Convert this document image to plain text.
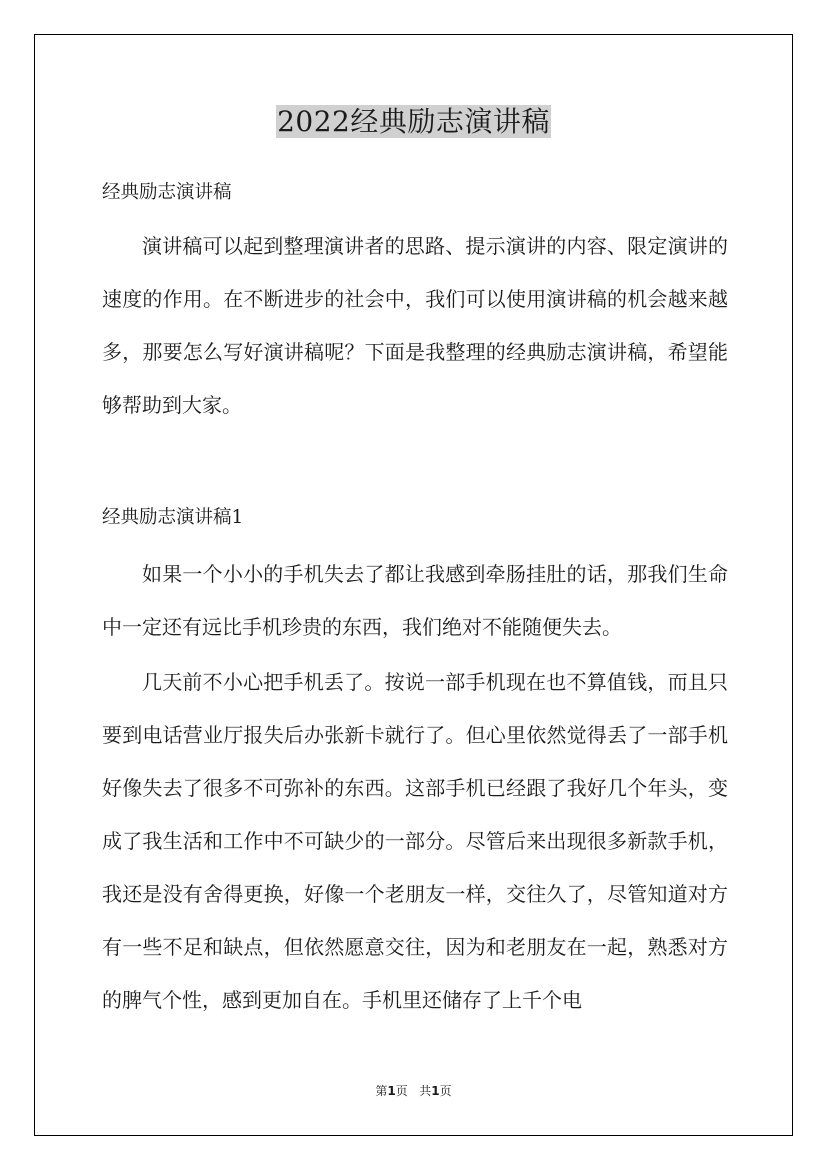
2022经典励志演讲稿

经典励志演讲稿

演讲稿可以起到整理演讲者的思路、提示演讲的内容、限定演讲的速度的作用。在不断进步的社会中，我们可以使用演讲稿的机会越来越多，那要怎么写好演讲稿呢？下面是我整理的经典励志演讲稿，希望能够帮助到大家。

经典励志演讲稿1

如果一个小小的手机失去了都让我感到牵肠挂肚的话，那我们生命中一定还有远比手机珍贵的东西，我们绝对不能随便失去。

几天前不小心把手机丢了。按说一部手机现在也不算值钱，而且只要到电话营业厅报失后办张新卡就行了。但心里依然觉得丢了一部手机好像失去了很多不可弥补的东西。这部手机已经跟了我好几个年头，变成了我生活和工作中不可缺少的一部分。尽管后来出现很多新款手机，我还是没有舍得更换，好像一个老朋友一样，交往久了，尽管知道对方有一些不足和缺点，但依然愿意交往，因为和老朋友在一起，熟悉对方的脾气个性，感到更加自在。手机里还储存了上千个电

第1页 共1页
